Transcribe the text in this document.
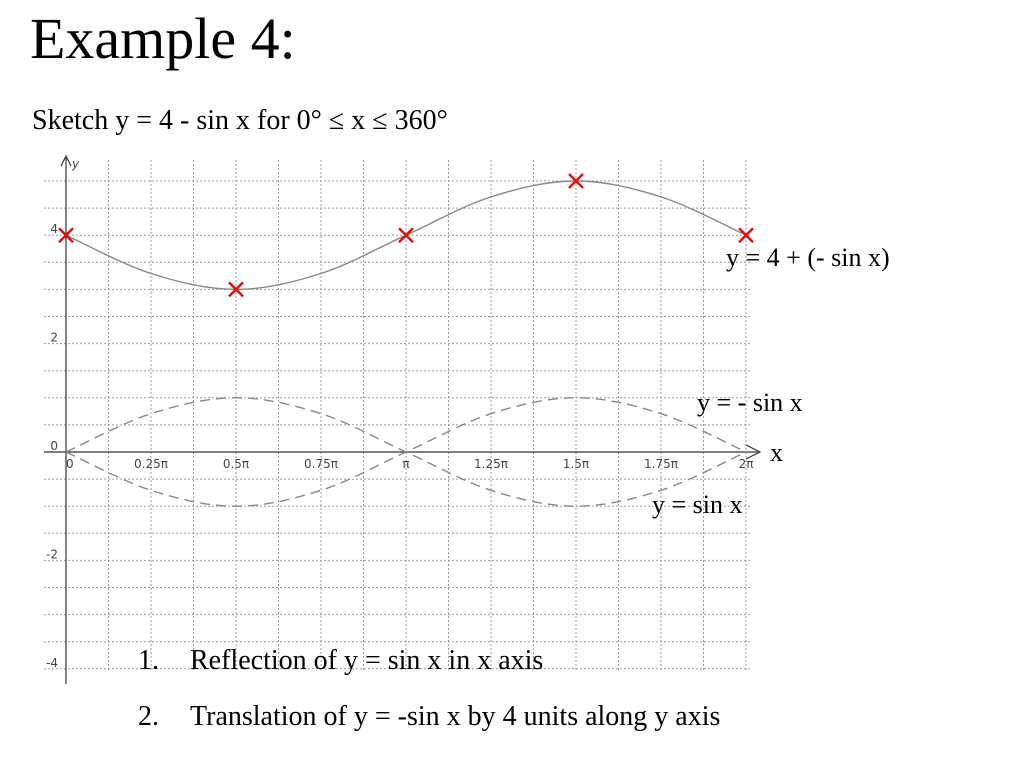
Example 4:
Sketch y = 4 - sin x for 0° ≤ x ≤ 360°
y
0	0.25π	0.5π	0.75π	π	1.25π	1.5π	1.75π	2π
4
2
0
-2
-4
y = 4 + (- sin x)
y = - sin x
y = sin x
x
1.	Reflection of y = sin x in x axis
2.	Translation of y = -sin x by 4 units along y axis
